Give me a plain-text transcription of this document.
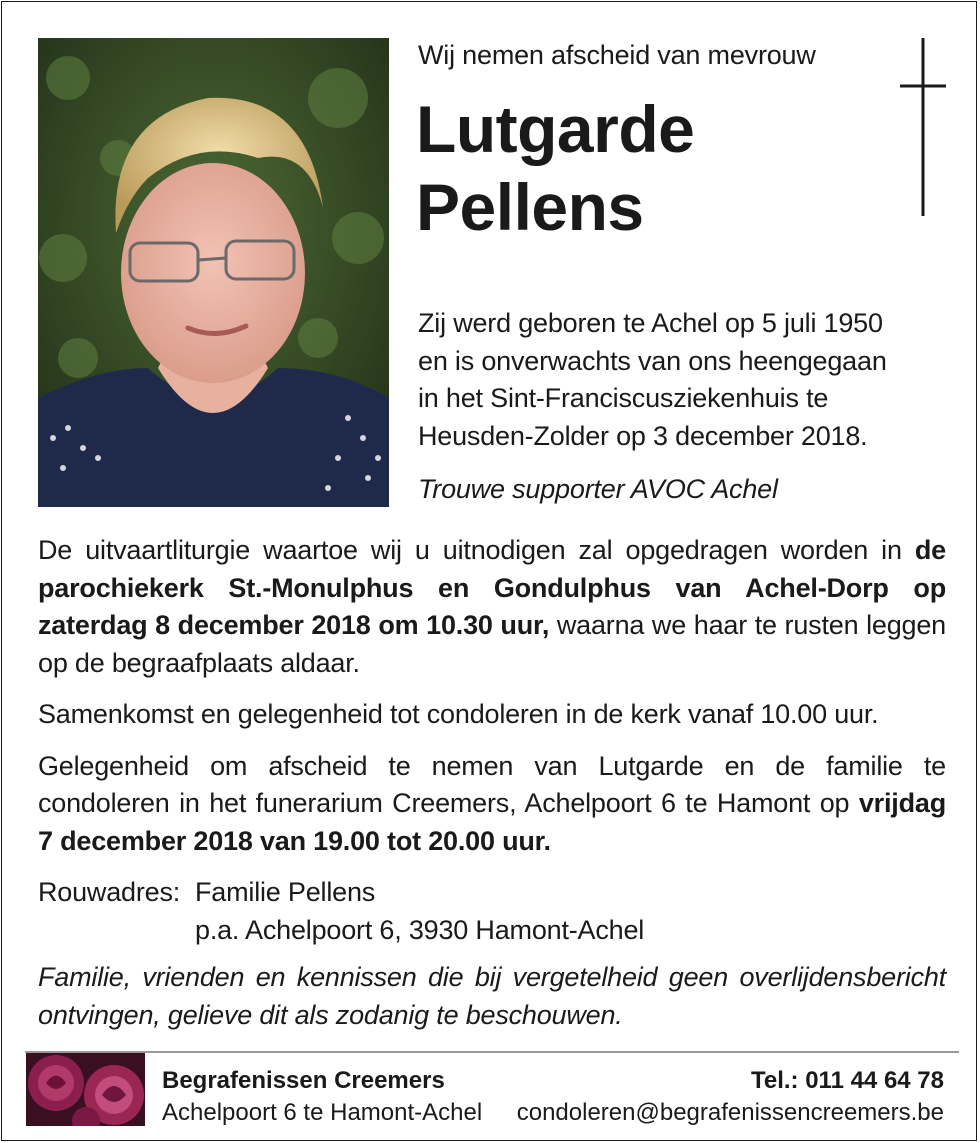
Wij nemen afscheid van mevrouw
Lutgarde
Pellens
Zij werd geboren te Achel op 5 juli 1950
en is onverwachts van ons heengegaan
in het Sint-Franciscusziekenhuis te
Heusden-Zolder op 3 december 2018.
Trouwe supporter AVOC Achel

De uitvaartliturgie waartoe wij u uitnodigen zal opgedragen worden in de parochiekerk St.-Monulphus en Gondulphus van Achel-Dorp op zaterdag 8 december 2018 om 10.30 uur, waarna we haar te rusten leggen op de begraafplaats aldaar.

Samenkomst en gelegenheid tot condoleren in de kerk vanaf 10.00 uur.

Gelegenheid om afscheid te nemen van Lutgarde en de familie te condoleren in het funerarium Creemers, Achelpoort 6 te Hamont op vrijdag 7 december 2018 van 19.00 tot 20.00 uur.

Rouwadres: Familie Pellens
p.a. Achelpoort 6, 3930 Hamont-Achel

Familie, vrienden en kennissen die bij vergetelheid geen overlijdensbericht ontvingen, gelieve dit als zodanig te beschouwen.

Begrafenissen Creemers
Achelpoort 6 te Hamont-Achel
Tel.: 011 44 64 78
condoleren@begrafenissencreemers.be
